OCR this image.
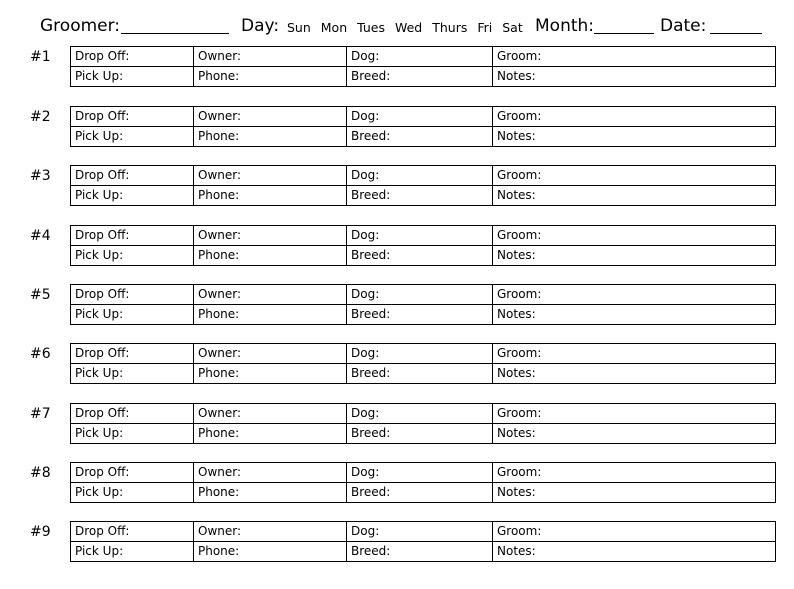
Groomer:	Day: Sun Mon Tues Wed Thurs Fri Sat Month:	Date:
#1 Drop Off:	Owner:	Dog:	Groom:
Pick Up:	Phone:	Breed:	Notes:
#2 Drop Off:	Owner:	Dog:	Groom:
Pick Up:	Phone:	Breed:	Notes:
#3 Drop Off:	Owner:	Dog:	Groom:
Pick Up:	Phone:	Breed:	Notes:
#4 Drop Off:	Owner:	Dog:	Groom:
Pick Up:	Phone:	Breed:	Notes:
#5 Drop Off:	Owner:	Dog:	Groom:
Pick Up:	Phone:	Breed:	Notes:
#6 Drop Off:	Owner:	Dog:	Groom:
Pick Up:	Phone:	Breed:	Notes:
#7 Drop Off:	Owner:	Dog:	Groom:
Pick Up:	Phone:	Breed:	Notes:
#8 Drop Off:	Owner:	Dog:	Groom:
Pick Up:	Phone:	Breed:	Notes:
#9 Drop Off:	Owner:	Dog:	Groom:
Pick Up:	Phone:	Breed:	Notes:
